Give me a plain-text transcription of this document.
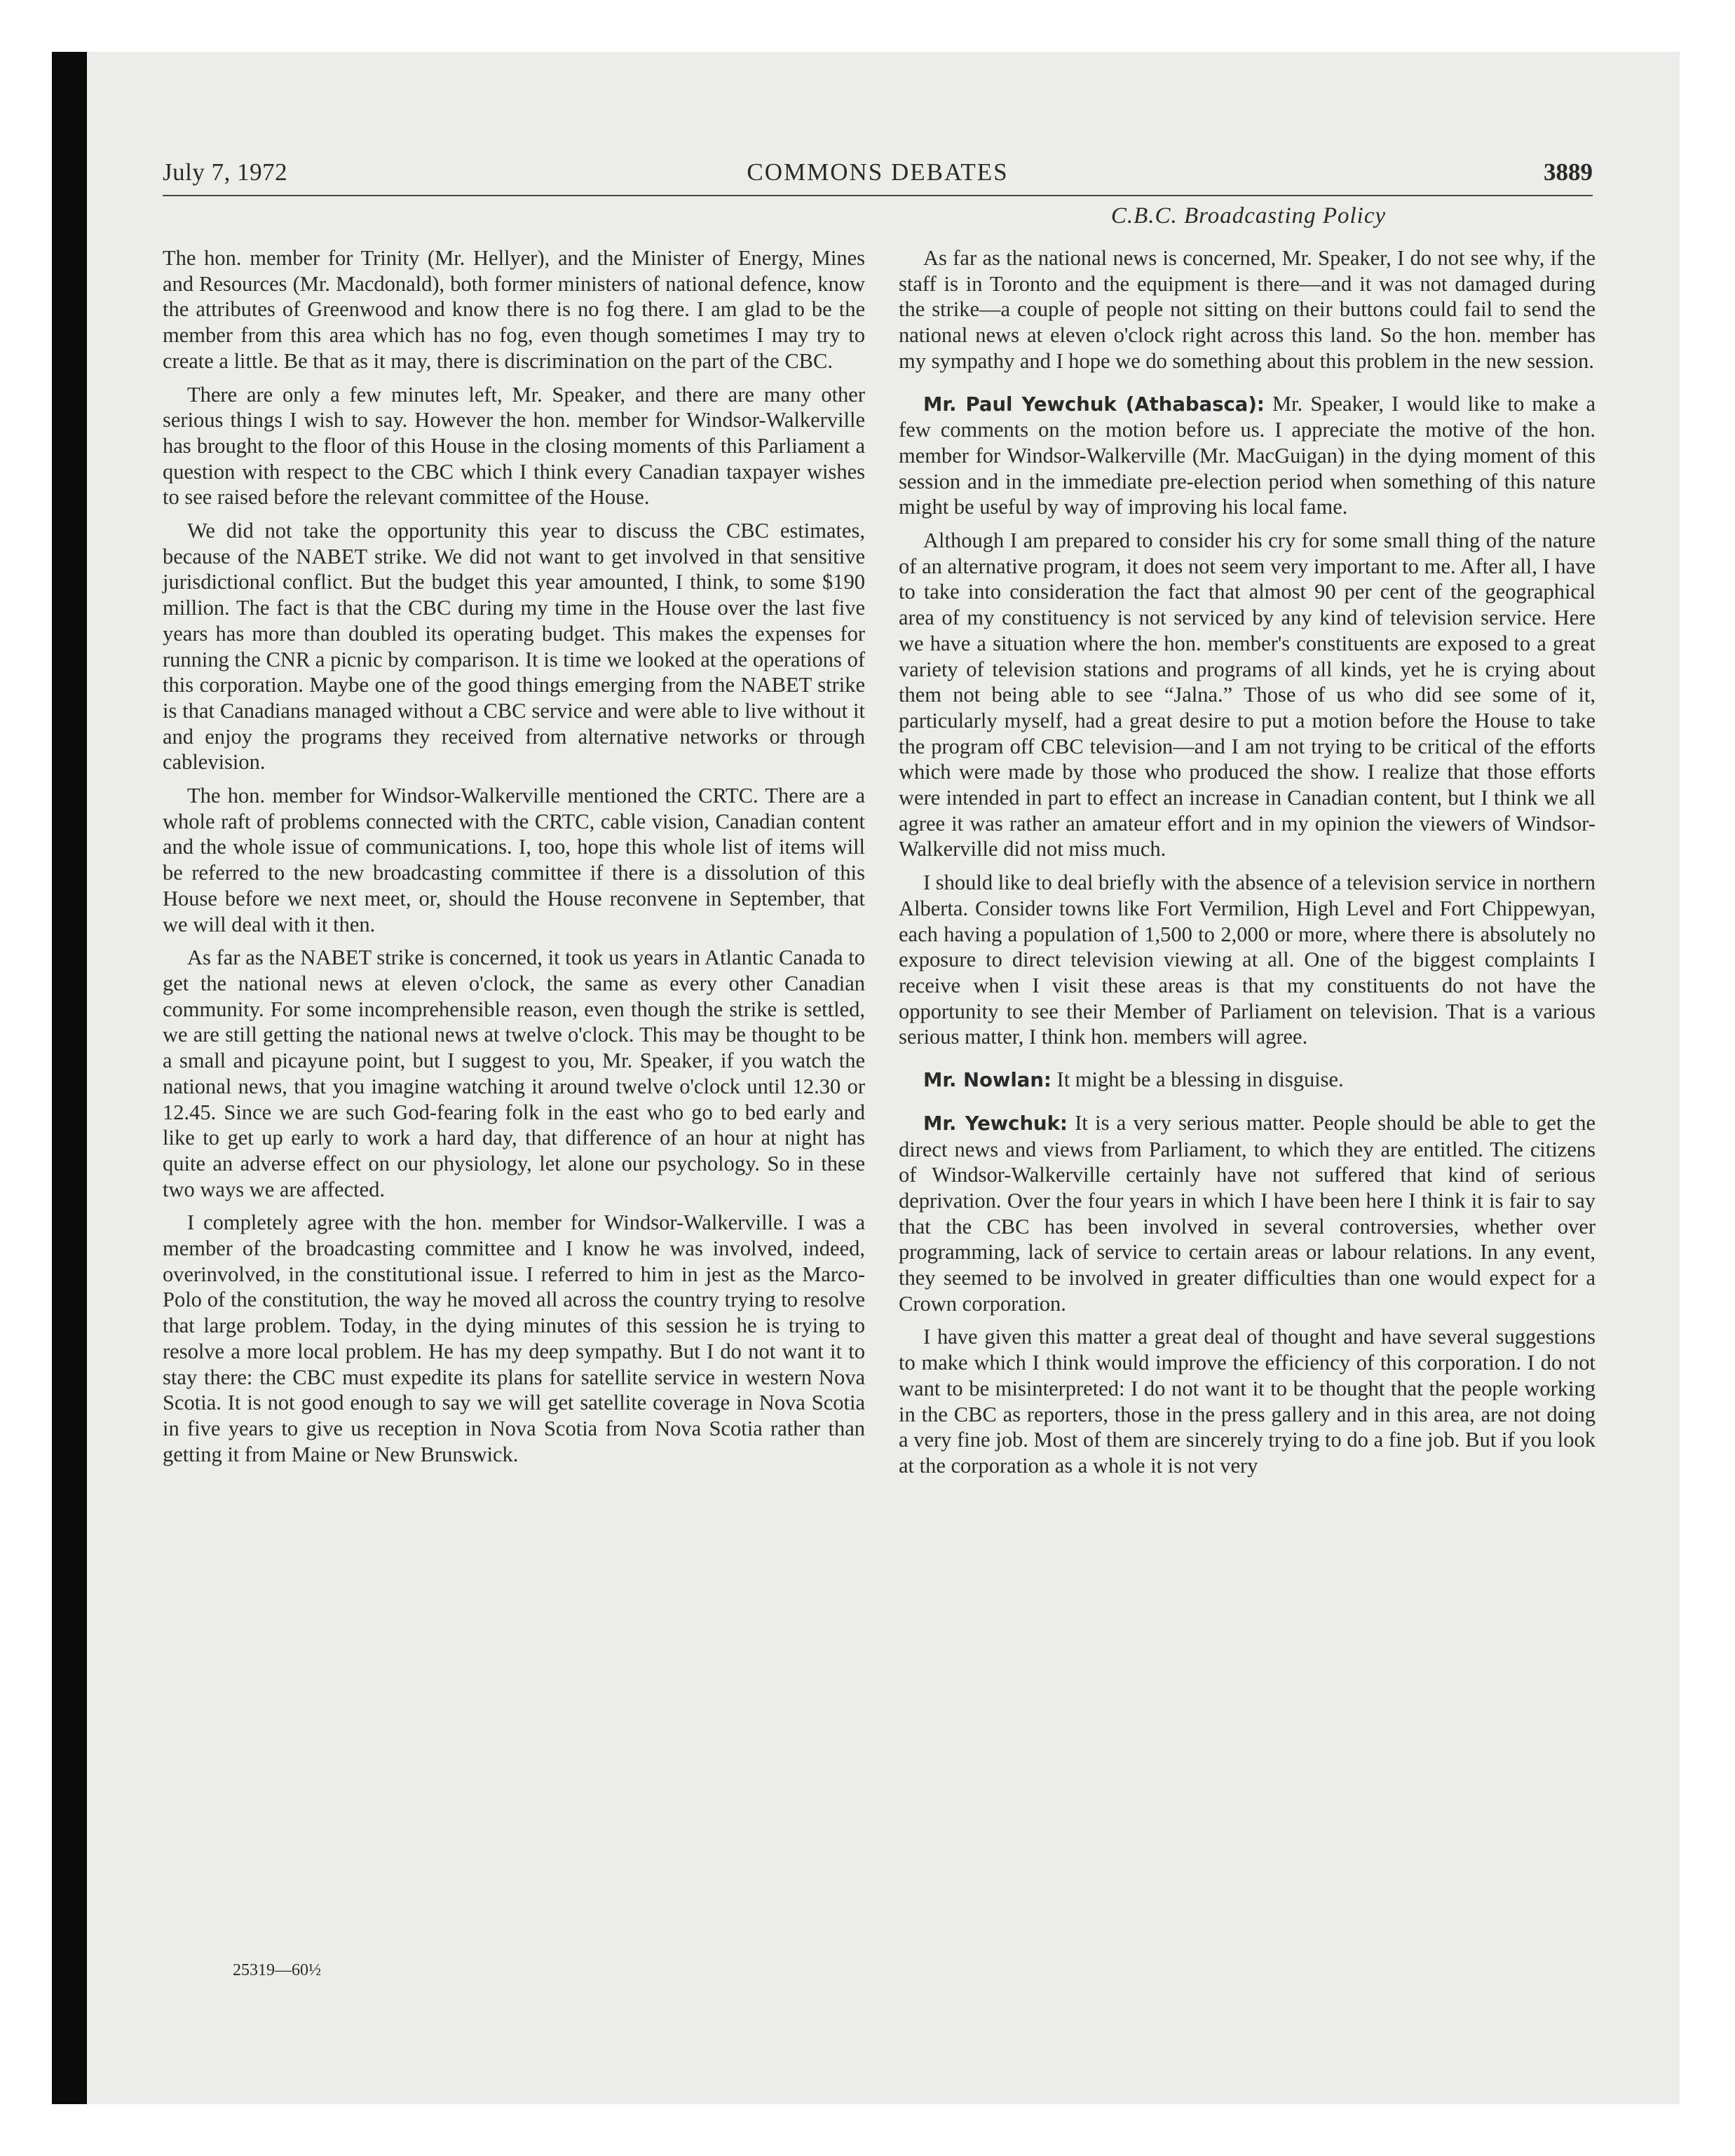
July 7, 1972	COMMONS DEBATES	3889
C.B.C. Broadcasting Policy

The hon. member for Trinity (Mr. Hellyer), and the Minister of Energy, Mines and Resources (Mr. Macdonald), both former ministers of national defence, know the attributes of Greenwood and know there is no fog there. I am glad to be the member from this area which has no fog, even though sometimes I may try to create a little. Be that as it may, there is discrimination on the part of the CBC.

There are only a few minutes left, Mr. Speaker, and there are many other serious things I wish to say. However the hon. member for Windsor-Walkerville has brought to the floor of this House in the closing moments of this Parliament a question with respect to the CBC which I think every Canadian taxpayer wishes to see raised before the relevant committee of the House.

We did not take the opportunity this year to discuss the CBC estimates, because of the NABET strike. We did not want to get involved in that sensitive jurisdictional conflict. But the budget this year amounted, I think, to some $190 million. The fact is that the CBC during my time in the House over the last five years has more than doubled its operating budget. This makes the expenses for running the CNR a picnic by comparison. It is time we looked at the operations of this corporation. Maybe one of the good things emerging from the NABET strike is that Canadians managed without a CBC service and were able to live without it and enjoy the programs they received from alternative networks or through cablevision.

The hon. member for Windsor-Walkerville mentioned the CRTC. There are a whole raft of problems connected with the CRTC, cable vision, Canadian content and the whole issue of communications. I, too, hope this whole list of items will be referred to the new broadcasting committee if there is a dissolution of this House before we next meet, or, should the House reconvene in September, that we will deal with it then.

As far as the NABET strike is concerned, it took us years in Atlantic Canada to get the national news at eleven o'clock, the same as every other Canadian community. For some incomprehensible reason, even though the strike is settled, we are still getting the national news at twelve o'clock. This may be thought to be a small and picayune point, but I suggest to you, Mr. Speaker, if you watch the national news, that you imagine watching it around twelve o'clock until 12.30 or 12.45. Since we are such God-fearing folk in the east who go to bed early and like to get up early to work a hard day, that difference of an hour at night has quite an adverse effect on our physiology, let alone our psychology. So in these two ways we are affected.

I completely agree with the hon. member for Windsor-Walkerville. I was a member of the broadcasting committee and I know he was involved, indeed, overinvolved, in the constitutional issue. I referred to him in jest as the Marco-Polo of the constitution, the way he moved all across the country trying to resolve that large problem. Today, in the dying minutes of this session he is trying to resolve a more local problem. He has my deep sympathy. But I do not want it to stay there: the CBC must expedite its plans for satellite service in western Nova Scotia. It is not good enough to say we will get satellite coverage in Nova Scotia in five years to give us reception in Nova Scotia from Nova Scotia rather than getting it from Maine or New Brunswick.

As far as the national news is concerned, Mr. Speaker, I do not see why, if the staff is in Toronto and the equipment is there—and it was not damaged during the strike—a couple of people not sitting on their buttons could fail to send the national news at eleven o'clock right across this land. So the hon. member has my sympathy and I hope we do something about this problem in the new session.

Mr. Paul Yewchuk (Athabasca): Mr. Speaker, I would like to make a few comments on the motion before us. I appreciate the motive of the hon. member for Windsor-Walkerville (Mr. MacGuigan) in the dying moment of this session and in the immediate pre-election period when something of this nature might be useful by way of improving his local fame.

Although I am prepared to consider his cry for some small thing of the nature of an alternative program, it does not seem very important to me. After all, I have to take into consideration the fact that almost 90 per cent of the geographical area of my constituency is not serviced by any kind of television service. Here we have a situation where the hon. member's constituents are exposed to a great variety of television stations and programs of all kinds, yet he is crying about them not being able to see “Jalna.” Those of us who did see some of it, particularly myself, had a great desire to put a motion before the House to take the program off CBC television—and I am not trying to be critical of the efforts which were made by those who produced the show. I realize that those efforts were intended in part to effect an increase in Canadian content, but I think we all agree it was rather an amateur effort and in my opinion the viewers of Windsor-Walkerville did not miss much.

I should like to deal briefly with the absence of a television service in northern Alberta. Consider towns like Fort Vermilion, High Level and Fort Chippewyan, each having a population of 1,500 to 2,000 or more, where there is absolutely no exposure to direct television viewing at all. One of the biggest complaints I receive when I visit these areas is that my constituents do not have the opportunity to see their Member of Parliament on television. That is a various serious matter, I think hon. members will agree.

Mr. Nowlan: It might be a blessing in disguise.

Mr. Yewchuk: It is a very serious matter. People should be able to get the direct news and views from Parliament, to which they are entitled. The citizens of Windsor-Walkerville certainly have not suffered that kind of serious deprivation. Over the four years in which I have been here I think it is fair to say that the CBC has been involved in several controversies, whether over programming, lack of service to certain areas or labour relations. In any event, they seemed to be involved in greater difficulties than one would expect for a Crown corporation.

I have given this matter a great deal of thought and have several suggestions to make which I think would improve the efficiency of this corporation. I do not want to be misinterpreted: I do not want it to be thought that the people working in the CBC as reporters, those in the press gallery and in this area, are not doing a very fine job. Most of them are sincerely trying to do a fine job. But if you look at the corporation as a whole it is not very

25319—60½
